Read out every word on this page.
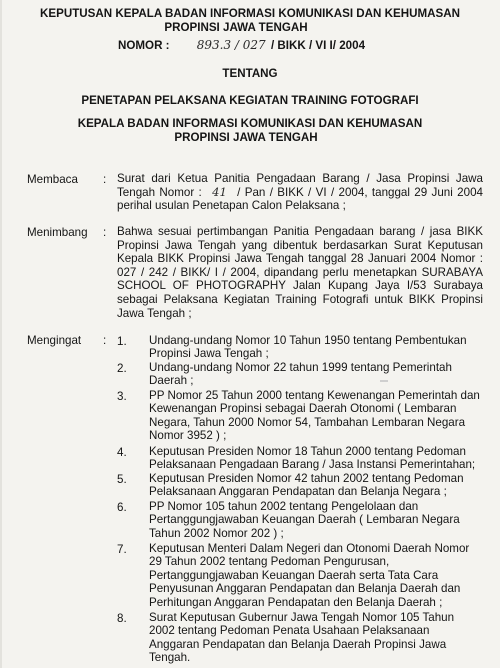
KEPUTUSAN KEPALA BADAN INFORMASI KOMUNIKASI DAN KEHUMASAN
PROPINSI JAWA TENGAH
NOMOR : 893.3 / 027 / BIKK / VI I/ 2004
TENTANG
PENETAPAN PELAKSANA KEGIATAN TRAINING FOTOGRAFI
KEPALA BADAN INFORMASI KOMUNIKASI DAN KEHUMASAN
PROPINSI JAWA TENGAH
Membaca : Surat dari Ketua Panitia Pengadaan Barang / Jasa Propinsi Jawa Tengah Nomor : 41 / Pan / BIKK / VI / 2004, tanggal 29 Juni 2004 perihal usulan Penetapan Calon Pelaksana ;
Menimbang : Bahwa sesuai pertimbangan Panitia Pengadaan barang / jasa BIKK Propinsi Jawa Tengah yang dibentuk berdasarkan Surat Keputusan Kepala BIKK Propinsi Jawa Tengah tanggal 28 Januari 2004 Nomor : 027 / 242 / BIKK/ I / 2004, dipandang perlu menetapkan SURABAYA SCHOOL OF PHOTOGRAPHY Jalan Kupang Jaya I/53 Surabaya sebagai Pelaksana Kegiatan Training Fotografi untuk BIKK Propinsi Jawa Tengah ;
Mengingat : 1. Undang-undang Nomor 10 Tahun 1950 tentang Pembentukan Propinsi Jawa Tengah ;
2. Undang-undang Nomor 22 tahun 1999 tentang Pemerintah Daerah ;
3. PP Nomor 25 Tahun 2000 tentang Kewenangan Pemerintah dan Kewenangan Propinsi sebagai Daerah Otonomi ( Lembaran Negara, Tahun 2000 Nomor 54, Tambahan Lembaran Negara Nomor 3952 ) ;
4. Keputusan Presiden Nomor 18 Tahun 2000 tentang Pedoman Pelaksanaan Pengadaan Barang / Jasa Instansi Pemerintahan;
5. Keputusan Presiden Nomor 42 tahun 2002 tentang Pedoman Pelaksanaan Anggaran Pendapatan dan Belanja Negara ;
6. PP Nomor 105 tahun 2002 tentang Pengelolaan dan Pertanggungjawaban Keuangan Daerah ( Lembaran Negara Tahun 2002 Nomor 202 ) ;
7. Keputusan Menteri Dalam Negeri dan Otonomi Daerah Nomor 29 Tahun 2002 tentang Pedoman Pengurusan, Pertanggungjawaban Keuangan Daerah serta Tata Cara Penyusunan Anggaran Pendapatan dan Belanja Daerah dan Perhitungan Anggaran Pendapatan den Belanja Daerah ;
8. Surat Keputusan Gubernur Jawa Tengah Nomor 105 Tahun 2002 tentang Pedoman Penata Usahaan Pelaksanaan Anggaran Pendapatan dan Belanja Daerah Propinsi Jawa Tengah.
